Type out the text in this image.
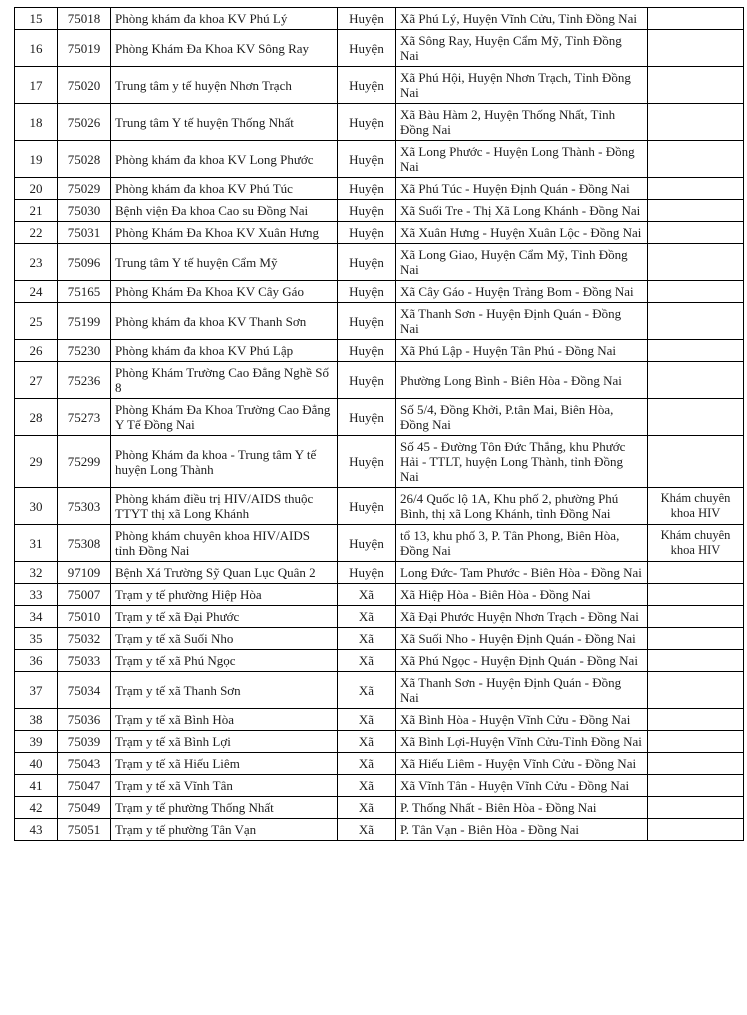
15	75018	Phòng khám đa khoa KV Phú Lý	Huyện	Xã Phú Lý, Huyện Vĩnh Cửu, Tỉnh Đồng Nai	
16	75019	Phòng Khám Đa Khoa KV Sông Ray	Huyện	Xã Sông Ray, Huyện Cẩm Mỹ, Tỉnh Đồng Nai	
17	75020	Trung tâm y tế huyện Nhơn Trạch	Huyện	Xã Phú Hội, Huyện Nhơn Trạch, Tỉnh Đồng Nai	
18	75026	Trung tâm Y tế huyện Thống Nhất	Huyện	Xã Bàu Hàm 2, Huyện Thống Nhất, Tỉnh Đồng Nai	
19	75028	Phòng khám đa khoa KV Long Phước	Huyện	Xã Long Phước - Huyện Long Thành - Đồng Nai	
20	75029	Phòng khám đa khoa KV Phú Túc	Huyện	Xã Phú Túc - Huyện Định Quán - Đồng Nai	
21	75030	Bệnh viện Đa khoa Cao su Đồng Nai	Huyện	Xã Suối Tre - Thị Xã Long Khánh - Đồng Nai	
22	75031	Phòng Khám Đa Khoa KV Xuân Hưng	Huyện	Xã Xuân Hưng - Huyện Xuân Lộc - Đồng Nai	
23	75096	Trung tâm Y tế huyện Cẩm Mỹ	Huyện	Xã Long Giao, Huyện Cẩm Mỹ, Tỉnh Đồng Nai	
24	75165	Phòng Khám Đa Khoa KV Cây Gáo	Huyện	Xã Cây Gáo - Huyện Trảng Bom - Đồng Nai	
25	75199	Phòng khám đa khoa KV Thanh Sơn	Huyện	Xã Thanh Sơn - Huyện Định Quán - Đồng Nai	
26	75230	Phòng khám đa khoa KV Phú Lập	Huyện	Xã Phú Lập - Huyện Tân Phú - Đồng Nai	
27	75236	Phòng Khám Trường Cao Đẳng Nghề Số 8	Huyện	Phường Long Bình - Biên Hòa - Đồng Nai	
28	75273	Phòng Khám Đa Khoa Trường Cao Đẳng Y Tế Đồng Nai	Huyện	Số 5/4, Đồng Khởi, P.tân Mai, Biên Hòa, Đồng Nai	
29	75299	Phòng Khám đa khoa - Trung tâm Y tế huyện Long Thành	Huyện	Số 45 - Đường Tôn Đức Thắng, khu Phước Hải - TTLT, huyện Long Thành, tỉnh Đồng Nai	
30	75303	Phòng khám điều trị HIV/AIDS thuộc TTYT thị xã Long Khánh	Huyện	26/4 Quốc lộ 1A, Khu phố 2, phường Phú Bình, thị xã Long Khánh, tỉnh Đồng Nai	Khám chuyên khoa HIV
31	75308	Phòng khám chuyên khoa HIV/AIDS tỉnh Đồng Nai	Huyện	tổ 13, khu phố 3, P. Tân Phong, Biên Hòa, Đồng Nai	Khám chuyên khoa HIV
32	97109	Bệnh Xá Trường Sỹ Quan Lục Quân 2	Huyện	Long Đức- Tam Phước - Biên Hòa - Đồng Nai	
33	75007	Trạm y tế phường Hiệp Hòa	Xã	Xã Hiệp Hòa - Biên Hòa - Đồng Nai	
34	75010	Trạm y tế xã Đại Phước	Xã	Xã Đại Phước Huyện Nhơn Trạch - Đồng Nai	
35	75032	Trạm y tế xã Suối Nho	Xã	Xã Suối Nho - Huyện Định Quán - Đồng Nai	
36	75033	Trạm y tế xã Phú Ngọc	Xã	Xã Phú Ngọc - Huyện Định Quán - Đồng Nai	
37	75034	Trạm y tế xã Thanh Sơn	Xã	Xã Thanh Sơn - Huyện Định Quán - Đồng Nai	
38	75036	Trạm y tế xã Bình Hòa	Xã	Xã Bình Hòa - Huyện Vĩnh Cửu - Đồng Nai	
39	75039	Trạm y tế xã Bình Lợi	Xã	Xã Bình Lợi-Huyện Vĩnh Cửu-Tỉnh Đồng Nai	
40	75043	Trạm y tế xã Hiếu Liêm	Xã	Xã Hiếu Liêm - Huyện Vĩnh Cửu - Đồng Nai	
41	75047	Trạm y tế xã Vĩnh Tân	Xã	Xã Vĩnh Tân - Huyện Vĩnh Cửu - Đồng Nai	
42	75049	Trạm y tế phường Thống Nhất	Xã	P. Thống Nhất - Biên Hòa - Đồng Nai	
43	75051	Trạm y tế phường Tân Vạn	Xã	P. Tân Vạn - Biên Hòa - Đồng Nai	
